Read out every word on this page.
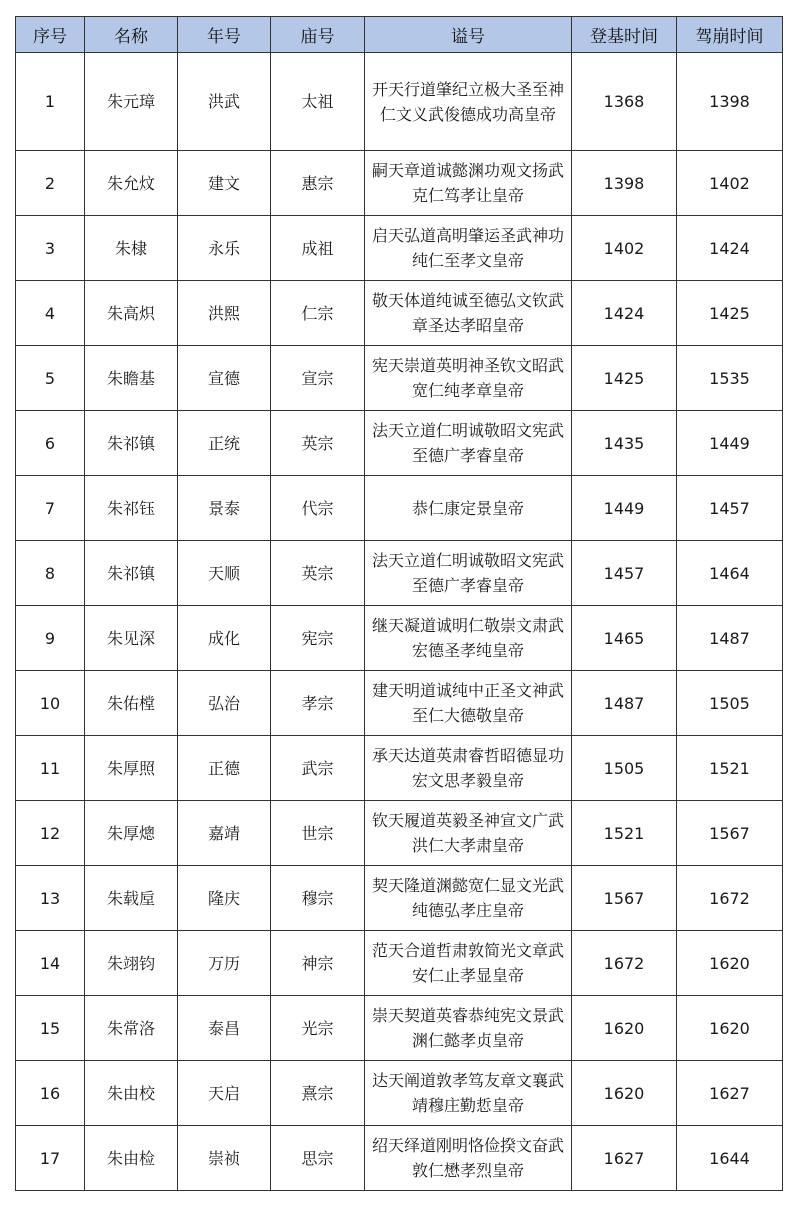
序号	名称	年号	庙号	谥号	登基时间	驾崩时间
1	朱元璋	洪武	太祖	开天行道肇纪立极大圣至神仁文义武俊德成功高皇帝	1368	1398
2	朱允炆	建文	惠宗	嗣天章道诚懿渊功观文扬武克仁笃孝让皇帝	1398	1402
3	朱棣	永乐	成祖	启天弘道高明肇运圣武神功纯仁至孝文皇帝	1402	1424
4	朱高炽	洪熙	仁宗	敬天体道纯诚至德弘文钦武章圣达孝昭皇帝	1424	1425
5	朱瞻基	宣德	宣宗	宪天崇道英明神圣钦文昭武宽仁纯孝章皇帝	1425	1535
6	朱祁镇	正统	英宗	法天立道仁明诚敬昭文宪武至德广孝睿皇帝	1435	1449
7	朱祁钰	景泰	代宗	恭仁康定景皇帝	1449	1457
8	朱祁镇	天顺	英宗	法天立道仁明诚敬昭文宪武至德广孝睿皇帝	1457	1464
9	朱见深	成化	宪宗	继天凝道诚明仁敬崇文肃武宏德圣孝纯皇帝	1465	1487
10	朱佑樘	弘治	孝宗	建天明道诚纯中正圣文神武至仁大德敬皇帝	1487	1505
11	朱厚照	正德	武宗	承天达道英肃睿哲昭德显功宏文思孝毅皇帝	1505	1521
12	朱厚熜	嘉靖	世宗	钦天履道英毅圣神宣文广武洪仁大孝肃皇帝	1521	1567
13	朱载垕	隆庆	穆宗	契天隆道渊懿宽仁显文光武纯德弘孝庄皇帝	1567	1672
14	朱翊钧	万历	神宗	范天合道哲肃敦简光文章武安仁止孝显皇帝	1672	1620
15	朱常洛	泰昌	光宗	崇天契道英睿恭纯宪文景武渊仁懿孝贞皇帝	1620	1620
16	朱由校	天启	熹宗	达天阐道敦孝笃友章文襄武靖穆庄勤悊皇帝	1620	1627
17	朱由检	崇祯	思宗	绍天绎道刚明恪俭揆文奋武敦仁懋孝烈皇帝	1627	1644
